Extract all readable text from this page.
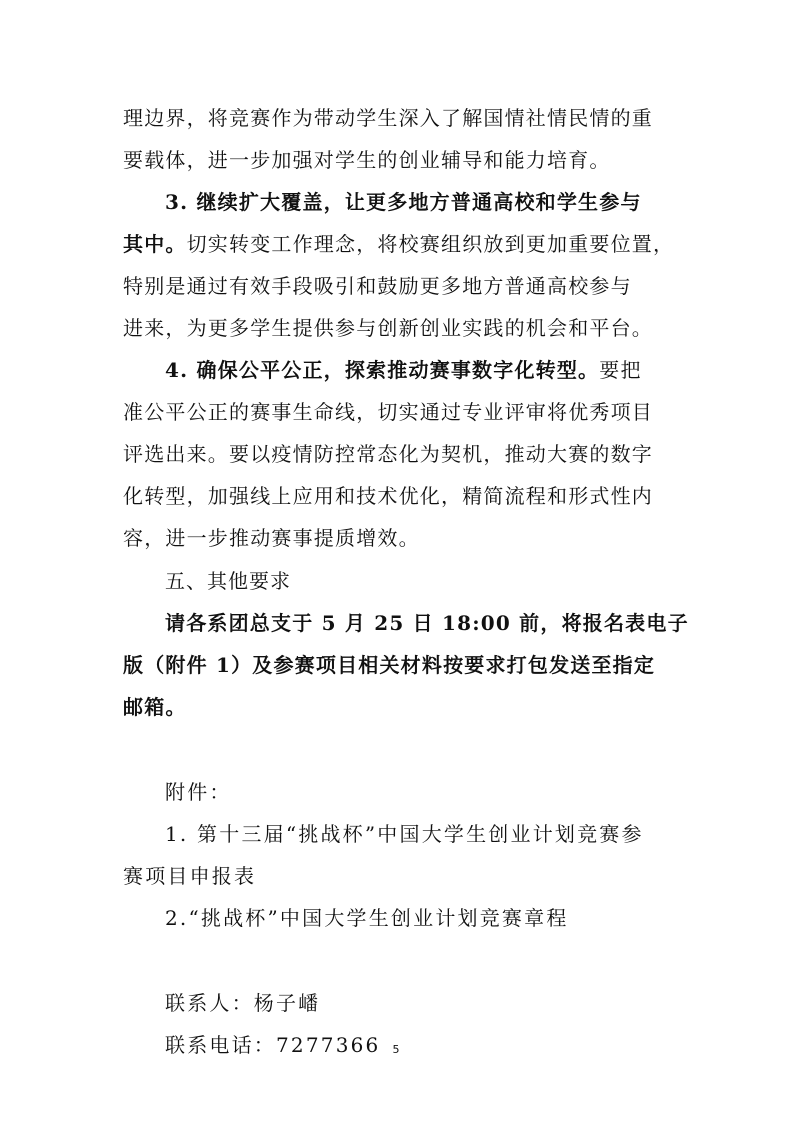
理边界，将竞赛作为带动学生深入了解国情社情民情的重
要载体，进一步加强对学生的创业辅导和能力培育。
3. 继续扩大覆盖，让更多地方普通高校和学生参与
其中。切实转变工作理念，将校赛组织放到更加重要位置，
特别是通过有效手段吸引和鼓励更多地方普通高校参与
进来，为更多学生提供参与创新创业实践的机会和平台。
4. 确保公平公正，探索推动赛事数字化转型。要把
准公平公正的赛事生命线，切实通过专业评审将优秀项目
评选出来。要以疫情防控常态化为契机，推动大赛的数字
化转型，加强线上应用和技术优化，精简流程和形式性内
容，进一步推动赛事提质增效。
五、其他要求
请各系团总支于 5 月 25 日 18:00 前，将报名表电子
版（附件 1）及参赛项目相关材料按要求打包发送至指定
邮箱。
附件：
1. 第十三届“挑战杯”中国大学生创业计划竞赛参
赛项目申报表
2.“挑战杯”中国大学生创业计划竞赛章程
联系人：杨子嶓
联系电话：7277366	5
